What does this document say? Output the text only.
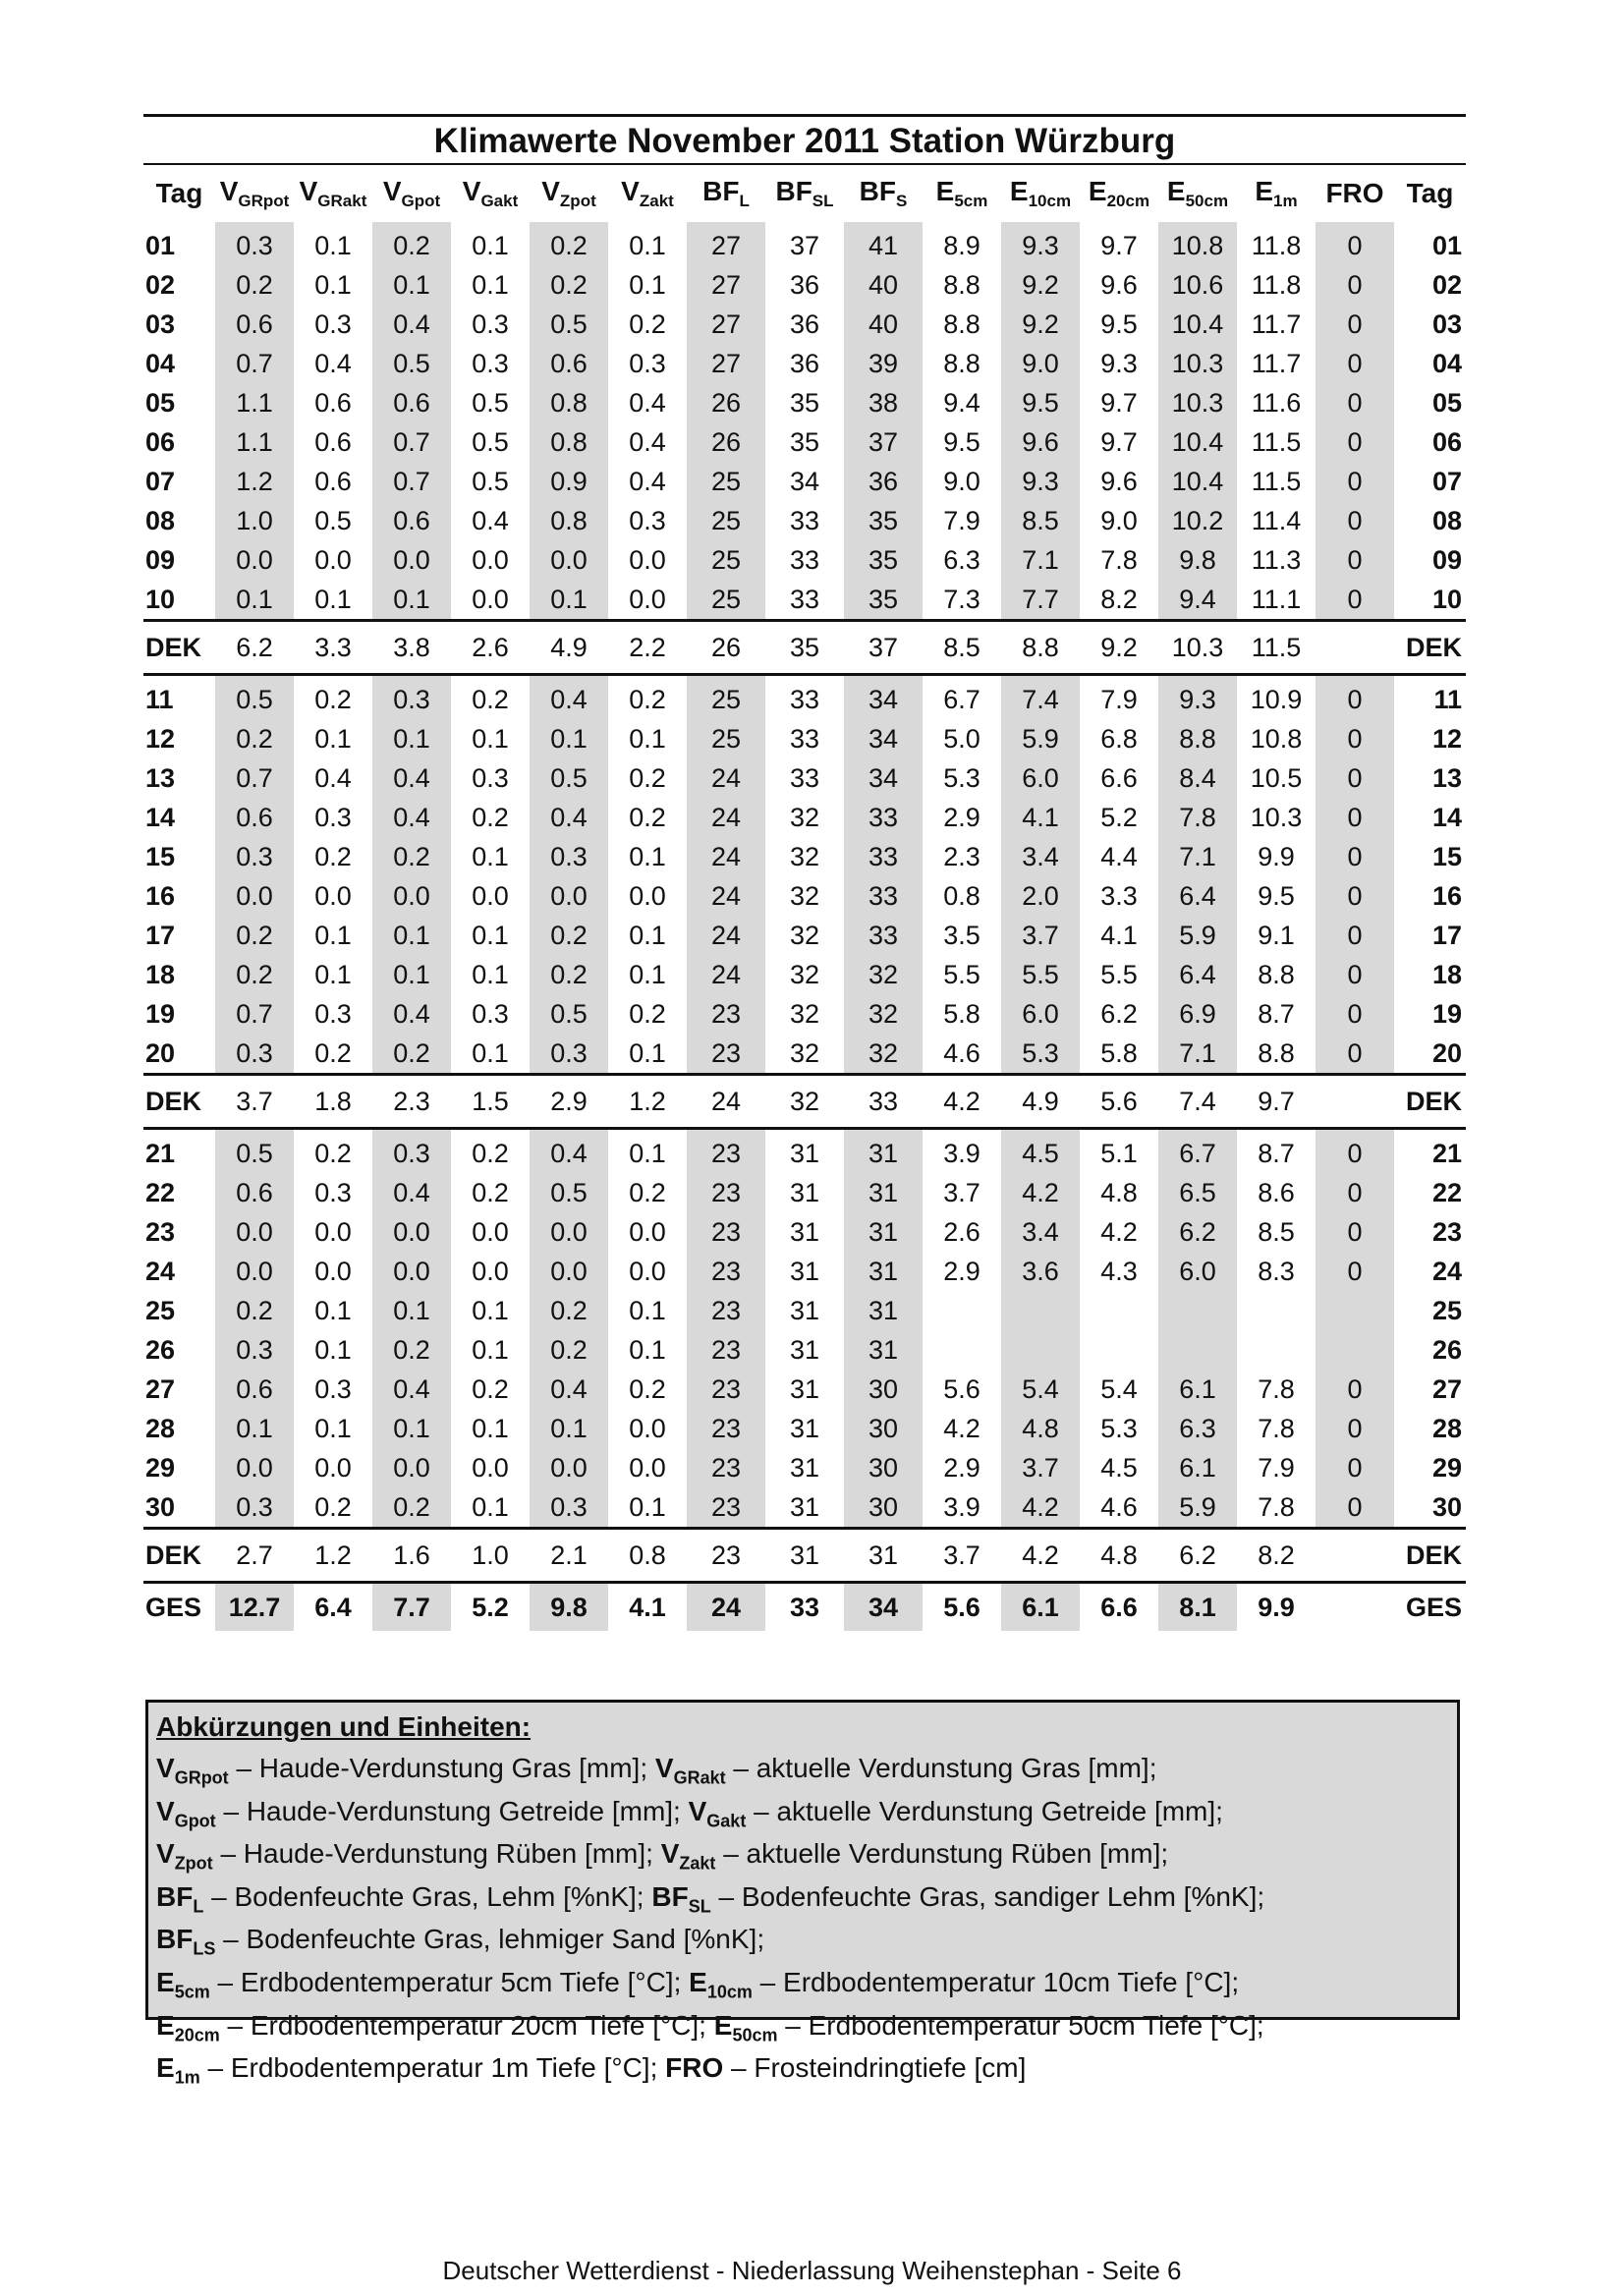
Klimawerte November 2011 Station Würzburg
Tag	$V_{GRpot}$	$V_{GRakt}$	$V_{Gpot}$	$V_{Gakt}$	$V_{Zpot}$	$V_{Zakt}$	$BF_L$	$BF_{SL}$	$BF_S$	$E_{5cm}$	$E_{10cm}$	$E_{20cm}$	$E_{50cm}$	$E_{1m}$	FRO	Tag
01	0.3	0.1	0.2	0.1	0.2	0.1	27	37	41	8.9	9.3	9.7	10.8	11.8	0	01
02	0.2	0.1	0.1	0.1	0.2	0.1	27	36	40	8.8	9.2	9.6	10.6	11.8	0	02
03	0.6	0.3	0.4	0.3	0.5	0.2	27	36	40	8.8	9.2	9.5	10.4	11.7	0	03
04	0.7	0.4	0.5	0.3	0.6	0.3	27	36	39	8.8	9.0	9.3	10.3	11.7	0	04
05	1.1	0.6	0.6	0.5	0.8	0.4	26	35	38	9.4	9.5	9.7	10.3	11.6	0	05
06	1.1	0.6	0.7	0.5	0.8	0.4	26	35	37	9.5	9.6	9.7	10.4	11.5	0	06
07	1.2	0.6	0.7	0.5	0.9	0.4	25	34	36	9.0	9.3	9.6	10.4	11.5	0	07
08	1.0	0.5	0.6	0.4	0.8	0.3	25	33	35	7.9	8.5	9.0	10.2	11.4	0	08
09	0.0	0.0	0.0	0.0	0.0	0.0	25	33	35	6.3	7.1	7.8	9.8	11.3	0	09
10	0.1	0.1	0.1	0.0	0.1	0.0	25	33	35	7.3	7.7	8.2	9.4	11.1	0	10

DEK	6.2	3.3	3.8	2.6	4.9	2.2	26	35	37	8.5	8.8	9.2	10.3	11.5		DEK

11	0.5	0.2	0.3	0.2	0.4	0.2	25	33	34	6.7	7.4	7.9	9.3	10.9	0	11
12	0.2	0.1	0.1	0.1	0.1	0.1	25	33	34	5.0	5.9	6.8	8.8	10.8	0	12
13	0.7	0.4	0.4	0.3	0.5	0.2	24	33	34	5.3	6.0	6.6	8.4	10.5	0	13
14	0.6	0.3	0.4	0.2	0.4	0.2	24	32	33	2.9	4.1	5.2	7.8	10.3	0	14
15	0.3	0.2	0.2	0.1	0.3	0.1	24	32	33	2.3	3.4	4.4	7.1	9.9	0	15
16	0.0	0.0	0.0	0.0	0.0	0.0	24	32	33	0.8	2.0	3.3	6.4	9.5	0	16
17	0.2	0.1	0.1	0.1	0.2	0.1	24	32	33	3.5	3.7	4.1	5.9	9.1	0	17
18	0.2	0.1	0.1	0.1	0.2	0.1	24	32	32	5.5	5.5	5.5	6.4	8.8	0	18
19	0.7	0.3	0.4	0.3	0.5	0.2	23	32	32	5.8	6.0	6.2	6.9	8.7	0	19
20	0.3	0.2	0.2	0.1	0.3	0.1	23	32	32	4.6	5.3	5.8	7.1	8.8	0	20

DEK	3.7	1.8	2.3	1.5	2.9	1.2	24	32	33	4.2	4.9	5.6	7.4	9.7		DEK

21	0.5	0.2	0.3	0.2	0.4	0.1	23	31	31	3.9	4.5	5.1	6.7	8.7	0	21
22	0.6	0.3	0.4	0.2	0.5	0.2	23	31	31	3.7	4.2	4.8	6.5	8.6	0	22
23	0.0	0.0	0.0	0.0	0.0	0.0	23	31	31	2.6	3.4	4.2	6.2	8.5	0	23
24	0.0	0.0	0.0	0.0	0.0	0.0	23	31	31	2.9	3.6	4.3	6.0	8.3	0	24
25	0.2	0.1	0.1	0.1	0.2	0.1	23	31	31							25
26	0.3	0.1	0.2	0.1	0.2	0.1	23	31	31							26
27	0.6	0.3	0.4	0.2	0.4	0.2	23	31	30	5.6	5.4	5.4	6.1	7.8	0	27
28	0.1	0.1	0.1	0.1	0.1	0.0	23	31	30	4.2	4.8	5.3	6.3	7.8	0	28
29	0.0	0.0	0.0	0.0	0.0	0.0	23	31	30	2.9	3.7	4.5	6.1	7.9	0	29
30	0.3	0.2	0.2	0.1	0.3	0.1	23	31	30	3.9	4.2	4.6	5.9	7.8	0	30

DEK	2.7	1.2	1.6	1.0	2.1	0.8	23	31	31	3.7	4.2	4.8	6.2	8.2		DEK

GES	12.7	6.4	7.7	5.2	9.8	4.1	24	33	34	5.6	6.1	6.6	8.1	9.9		GES
Abkürzungen und Einheiten:
$V_{GRpot}$ – Haude-Verdunstung Gras [mm]; $V_{GRakt}$ – aktuelle Verdunstung Gras [mm];
$V_{Gpot}$ – Haude-Verdunstung Getreide [mm]; $V_{Gakt}$ – aktuelle Verdunstung Getreide [mm];
$V_{Zpot}$ – Haude-Verdunstung Rüben [mm]; $V_{Zakt}$ – aktuelle Verdunstung Rüben [mm];
$BF_L$ – Bodenfeuchte Gras, Lehm [%nK]; $BF_{SL}$ – Bodenfeuchte Gras, sandiger Lehm [%nK];
$BF_{LS}$ – Bodenfeuchte Gras, lehmiger Sand [%nK];
$E_{5cm}$ – Erdbodentemperatur 5cm Tiefe [°C]; $E_{10cm}$ – Erdbodentemperatur 10cm Tiefe [°C];
$E_{20cm}$ – Erdbodentemperatur 20cm Tiefe [°C]; $E_{50cm}$ – Erdbodentemperatur 50cm Tiefe [°C];
$E_{1m}$ – Erdbodentemperatur 1m Tiefe [°C]; FRO – Frosteindringtiefe [cm]
Deutscher Wetterdienst - Niederlassung Weihenstephan - Seite 6
